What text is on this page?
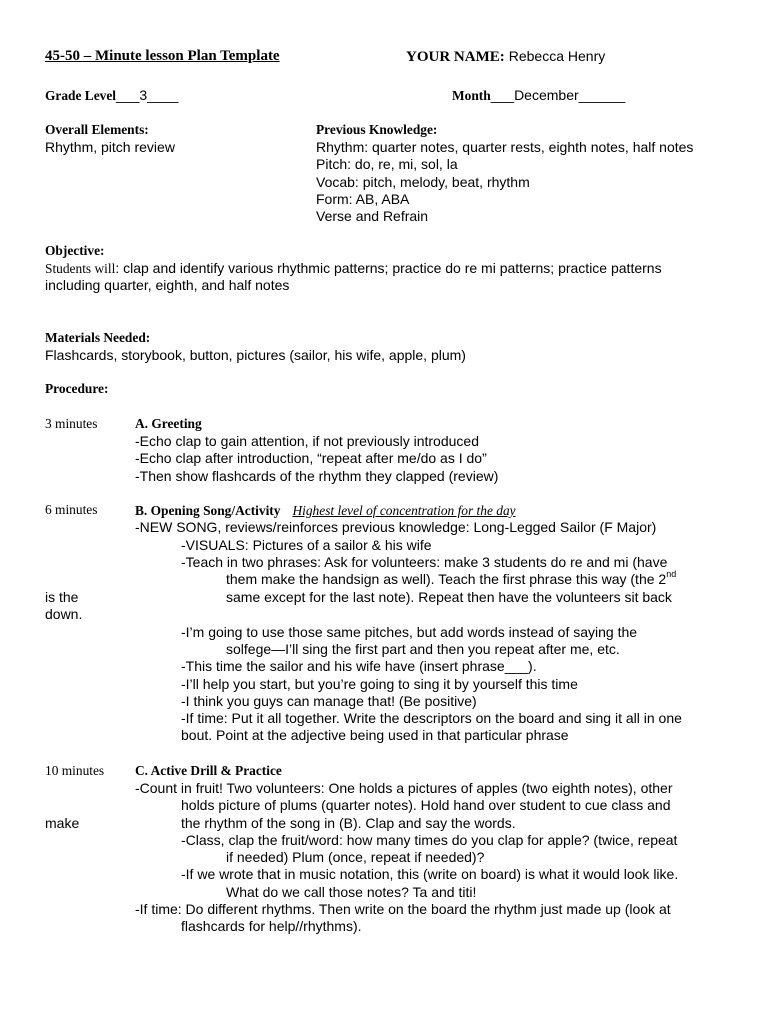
45-50 – Minute lesson Plan Template	YOUR NAME: Rebecca Henry
Grade Level___3____	Month___December______
Overall Elements:
Rhythm, pitch review
Previous Knowledge:
Rhythm: quarter notes, quarter rests, eighth notes, half notes
Pitch: do, re, mi, sol, la
Vocab: pitch, melody, beat, rhythm
Form: AB, ABA
Verse and Refrain
Objective:
Students will: clap and identify various rhythmic patterns; practice do re mi patterns; practice patterns
including quarter, eighth, and half notes
Materials Needed:
Flashcards, storybook, button, pictures (sailor, his wife, apple, plum)
Procedure:
3 minutes	A. Greeting
-Echo clap to gain attention, if not previously introduced
-Echo clap after introduction, “repeat after me/do as I do”
-Then show flashcards of the rhythm they clapped (review)
6 minutes	B. Opening Song/Activity Highest level of concentration for the day
-NEW SONG, reviews/reinforces previous knowledge: Long-Legged Sailor (F Major)
-VISUALS: Pictures of a sailor & his wife
-Teach in two phrases: Ask for volunteers: make 3 students do re and mi (have
them make the handsign as well). Teach the first phrase this way (the 2nd
is the	same except for the last note). Repeat then have the volunteers sit back
down.
-I’m going to use those same pitches, but add words instead of saying the
solfege—I’ll sing the first part and then you repeat after me, etc.
-This time the sailor and his wife have (insert phrase___).
-I’ll help you start, but you’re going to sing it by yourself this time
-I think you guys can manage that! (Be positive)
-If time: Put it all together. Write the descriptors on the board and sing it all in one
bout. Point at the adjective being used in that particular phrase
10 minutes C. Active Drill & Practice
-Count in fruit! Two volunteers: One holds a pictures of apples (two eighth notes), other
holds picture of plums (quarter notes). Hold hand over student to cue class and
make	the rhythm of the song in (B). Clap and say the words.
-Class, clap the fruit/word: how many times do you clap for apple? (twice, repeat
if needed) Plum (once, repeat if needed)?
-If we wrote that in music notation, this (write on board) is what it would look like.
What do we call those notes? Ta and titi!
-If time: Do different rhythms. Then write on the board the rhythm just made up (look at
flashcards for help//rhythms).
